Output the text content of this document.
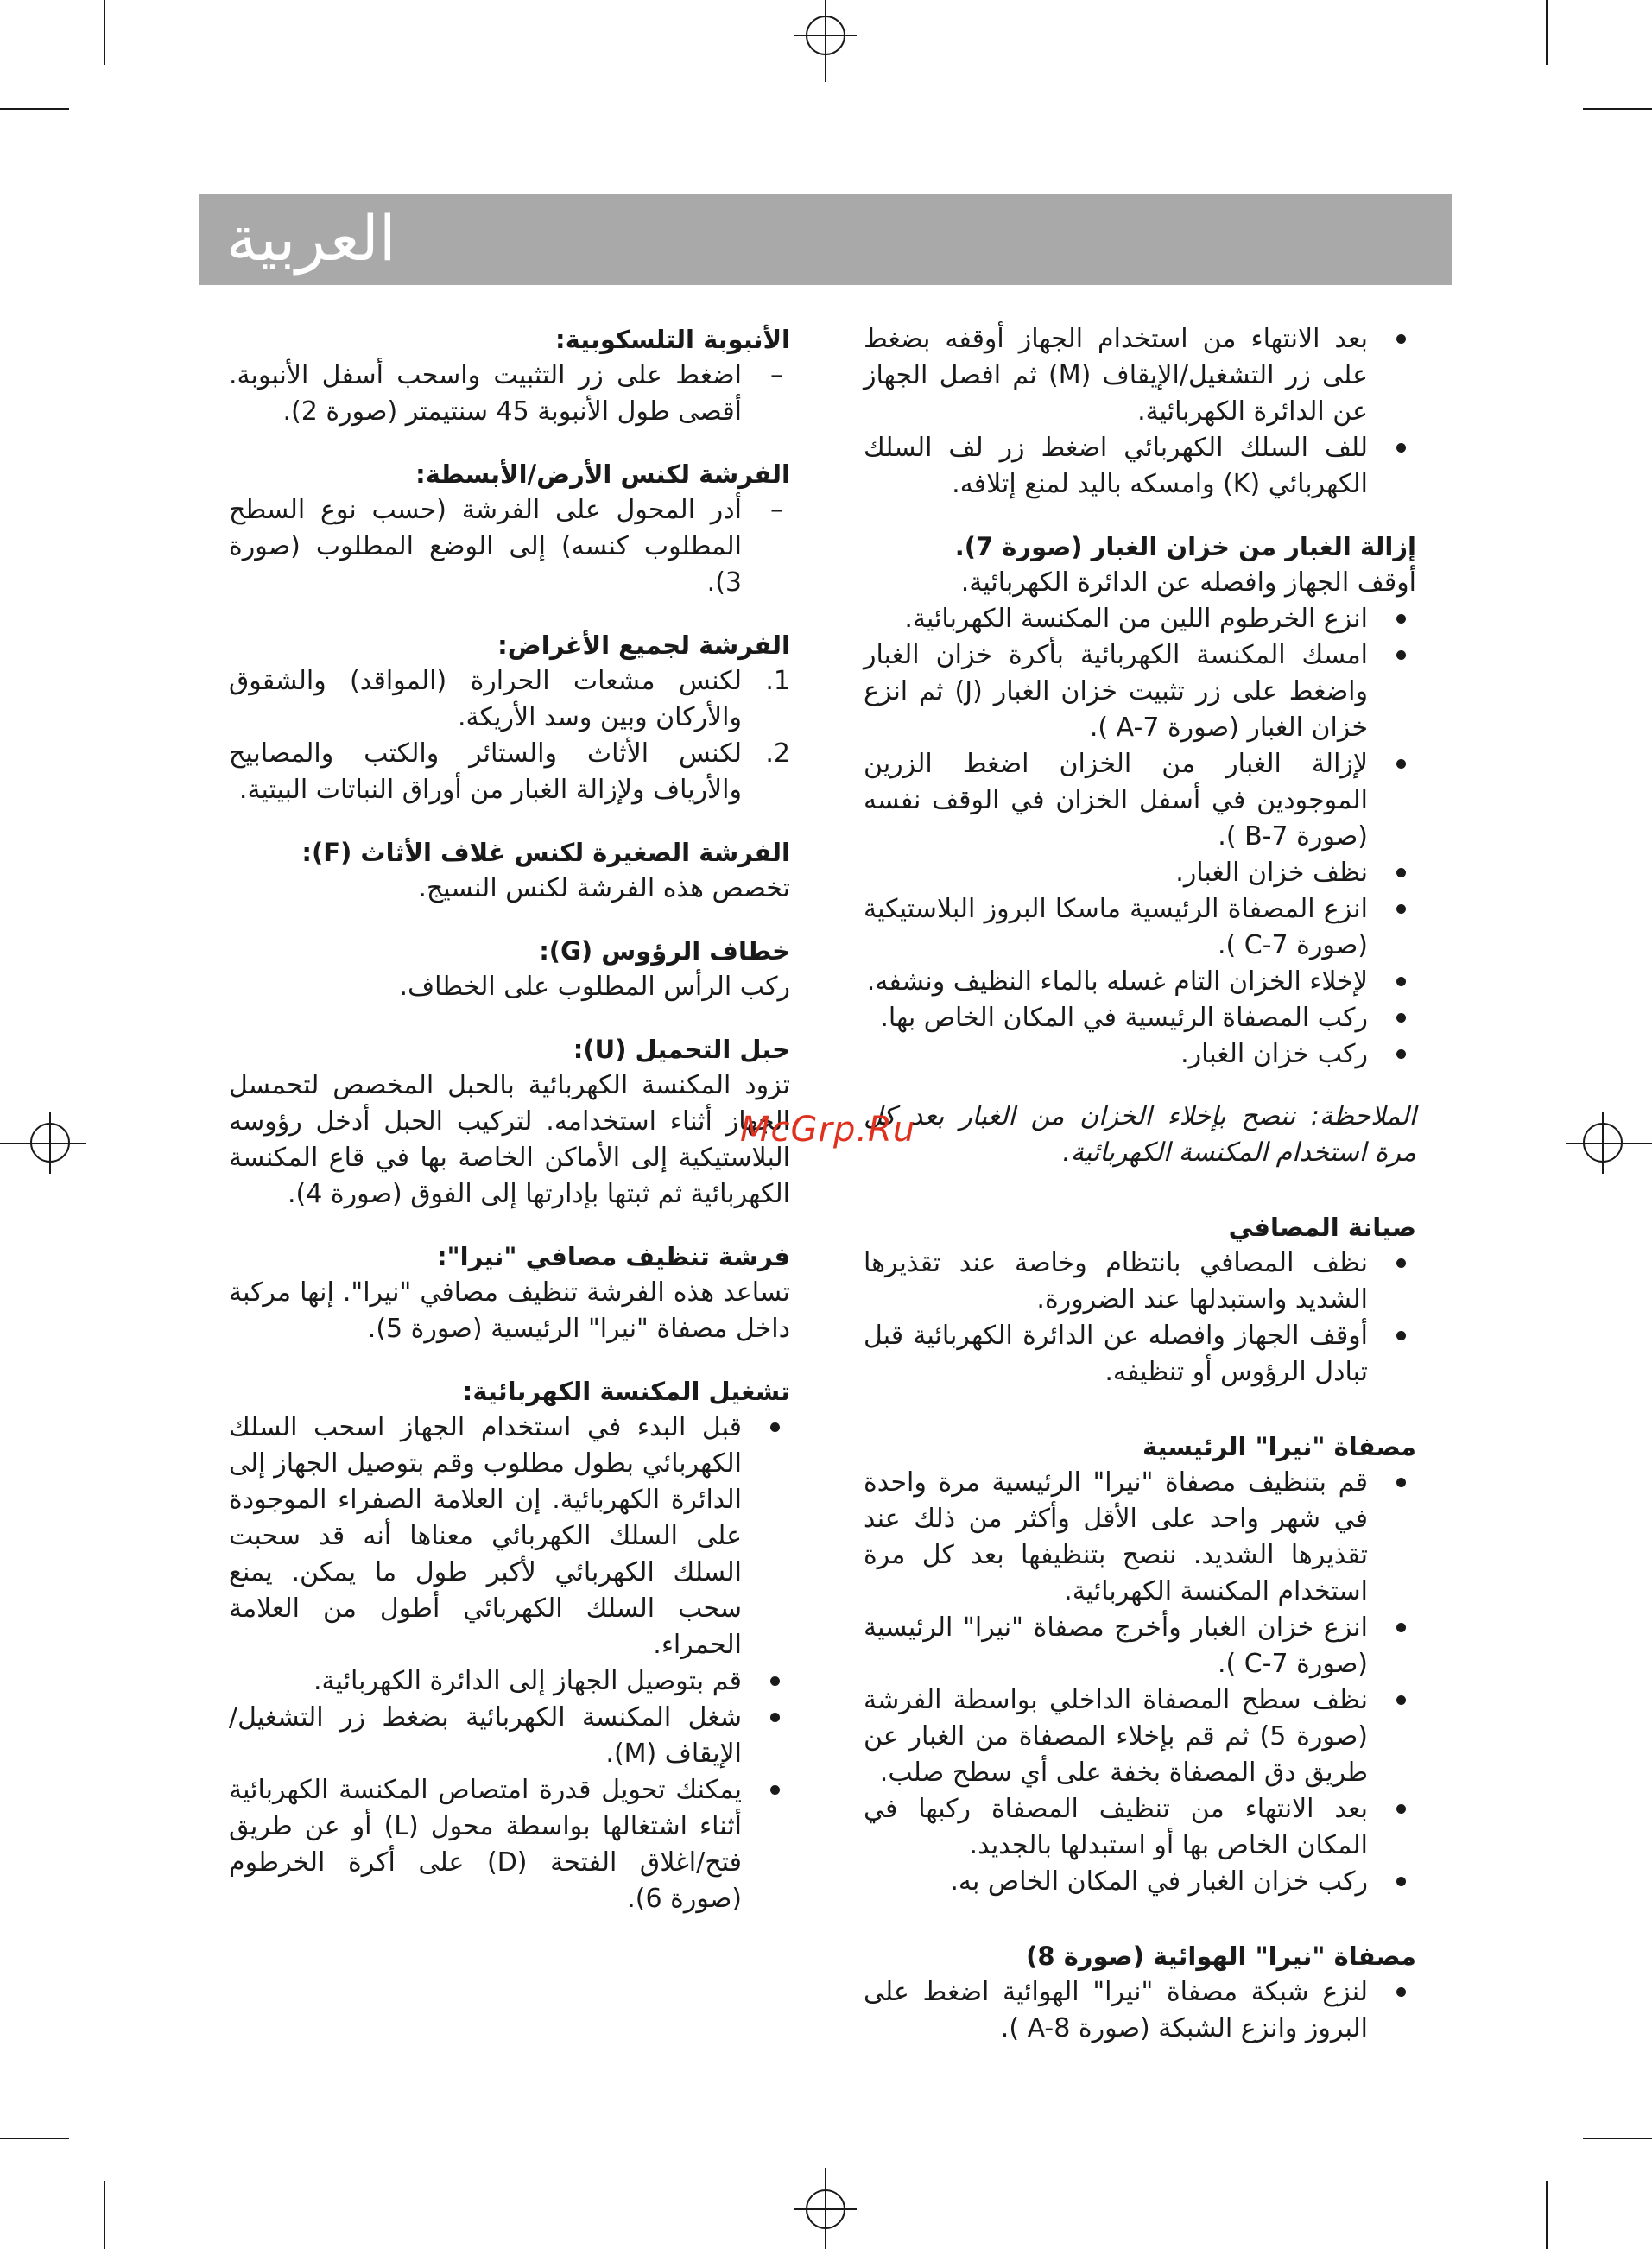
العربية
بعد الانتهاء من استخدام الجهاز أوقفه بضغط على زر التشغيل/الإيقاف (M) ثم افصل الجهاز عن الدائرة الكهربائية.
للف السلك الكهربائي اضغط زر لف السلك الكهربائي (K) وامسكه باليد لمنع إتلافه.

إزالة الغبار من خزان الغبار (صورة 7).

أوقف الجهاز وافصله عن الدائرة الكهربائية.

انزع الخرطوم اللين من المكنسة الكهربائية.
امسك المكنسة الكهربائية بأكرة خزان الغبار واضغط على زر تثبيت خزان الغبار (J) ثم انزع خزان الغبار (صورة A-7 ).
لإزالة الغبار من الخزان اضغط الزرين الموجودين في أسفل الخزان في الوقف نفسه (صورة B-7 ).
نظف خزان الغبار.
انزع المصفاة الرئيسية ماسكا البروز البلاستيكية (صورة C-7 ).
لإخلاء الخزان التام غسله بالماء النظيف ونشفه.
ركب المصفاة الرئيسية في المكان الخاص بها.
ركب خزان الغبار.

الملاحظة: ننصح بإخلاء الخزان من الغبار بعد كل مرة استخدام المكنسة الكهربائية.

صيانة المصافي

نظف المصافي بانتظام وخاصة عند تقذيرها الشديد واستبدلها عند الضرورة.
أوقف الجهاز وافصله عن الدائرة الكهربائية قبل تبادل الرؤوس أو تنظيفه.

مصفاة "نيرا" الرئيسية

قم بتنظيف مصفاة "نيرا" الرئيسية مرة واحدة في شهر واحد على الأقل وأكثر من ذلك عند تقذيرها الشديد. ننصح بتنظيفها بعد كل مرة استخدام المكنسة الكهربائية.
انزع خزان الغبار وأخرج مصفاة "نيرا" الرئيسية (صورة C-7 ).
نظف سطح المصفاة الداخلي بواسطة الفرشة (صورة 5) ثم قم بإخلاء المصفاة من الغبار عن طريق دق المصفاة بخفة على أي سطح صلب.
بعد الانتهاء من تنظيف المصفاة ركبها في المكان الخاص بها أو استبدلها بالجديد.
ركب خزان الغبار في المكان الخاص به.

مصفاة "نيرا" الهوائية (صورة 8)

لنزع شبكة مصفاة "نيرا" الهوائية اضغط على البروز وانزع الشبكة (صورة A-8 ).

الأنبوبة التلسكوبية:

–
اضغط على زر التثبيت واسحب أسفل الأنبوبة. أقصى طول الأنبوبة 45 سنتيمتر (صورة 2).

الفرشة لكنس الأرض/الأبسطة:

–
أدر المحول على الفرشة (حسب نوع السطح المطلوب كنسه) إلى الوضع المطلوب (صورة 3).

الفرشة لجميع الأغراض:

1.
لكنس مشعات الحرارة (المواقد) والشقوق والأركان وبين وسد الأريكة.
2.
لكنس الأثاث والستائر والكتب والمصابيح والأرياف ولإزالة الغبار من أوراق النباتات البيتية.

الفرشة الصغيرة لكنس غلاف الأثاث (F):

تخصص هذه الفرشة لكنس النسيج.

خطاف الرؤوس (G):

ركب الرأس المطلوب على الخطاف.

حبل التحميل (U):

تزود المكنسة الكهربائية بالحبل المخصص لتحمسل الجهاز أثناء استخدامه. لتركيب الحبل أدخل رؤوسه البلاستيكية إلى الأماكن الخاصة بها في قاع المكنسة الكهربائية ثم ثبتها بإدارتها إلى الفوق (صورة 4).

فرشة تنظيف مصافي "نيرا":

تساعد هذه الفرشة تنظيف مصافي "نيرا". إنها مركبة داخل مصفاة "نيرا" الرئيسية (صورة 5).

تشغيل المكنسة الكهربائية:

قبل البدء في استخدام الجهاز اسحب السلك الكهربائي بطول مطلوب وقم بتوصيل الجهاز إلى الدائرة الكهربائية. إن العلامة الصفراء الموجودة على السلك الكهربائي معناها أنه قد سحبت السلك الكهربائي لأكبر طول ما يمكن. يمنع سحب السلك الكهربائي أطول من العلامة الحمراء.
قم بتوصيل الجهاز إلى الدائرة الكهربائية.
شغل المكنسة الكهربائية بضغط زر التشغيل/الإيقاف (M).
يمكنك تحويل قدرة امتصاص المكنسة الكهربائية أثناء اشتغالها بواسطة محول (L) أو عن طريق فتح/اغلاق الفتحة (D) على أكرة الخرطوم (صورة 6).
McGrp.Ru
